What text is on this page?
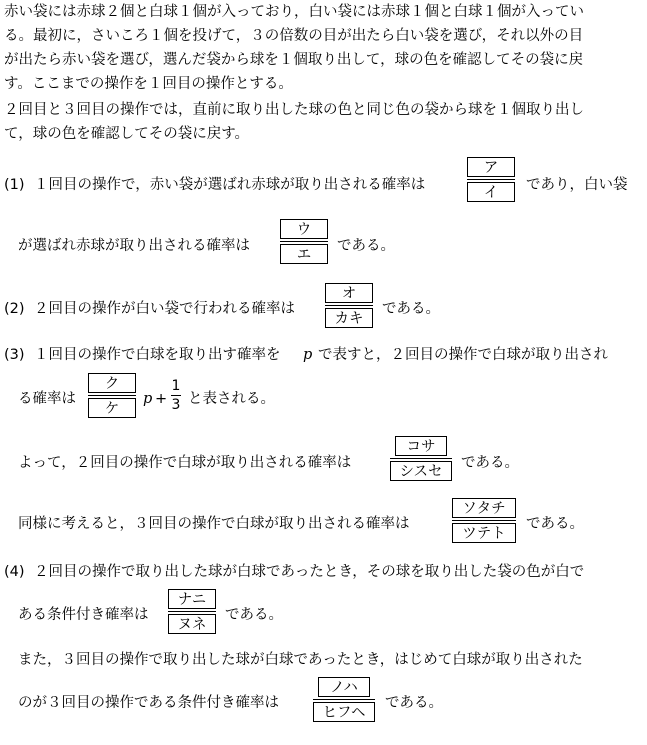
赤い袋には赤球２個と白球１個が入っており，白い袋には赤球１個と白球１個が入ってい
る。最初に，さいころ１個を投げて，３の倍数の目が出たら白い袋を選び，それ以外の目
が出たら赤い袋を選び，選んだ袋から球を１個取り出して，球の色を確認してその袋に戻
す。ここまでの操作を１回目の操作とする。
２回目と３回目の操作では，直前に取り出した球の色と同じ色の袋から球を１個取り出し
て，球の色を確認してその袋に戻す。
(1) １回目の操作で，赤い袋が選ばれ赤球が取り出される確率は
ア
イ	であり，白い袋
が選ばれ赤球が取り出される確率は
ウ
エ
である。
(2) ２回目の操作が白い袋で行われる確率は
オ
カキ
である。
(3) １回目の操作で白球を取り出す確率を p で表すと，２回目の操作で白球が取り出され
る確率は
ク
ケ
p +
1
3 と表される。
よって，２回目の操作で白球が取り出される確率は
コサ
シスセ
である。
同様に考えると，３回目の操作で白球が取り出される確率は
ソタチ
ツテト
である。
(4) ２回目の操作で取り出した球が白球であったとき，その球を取り出した袋の色が白で
ある条件付き確率は
ナニ
ヌネ
である。
また，３回目の操作で取り出した球が白球であったとき，はじめて白球が取り出された
のが３回目の操作である条件付き確率は
ノハ
ヒフヘ
である。
